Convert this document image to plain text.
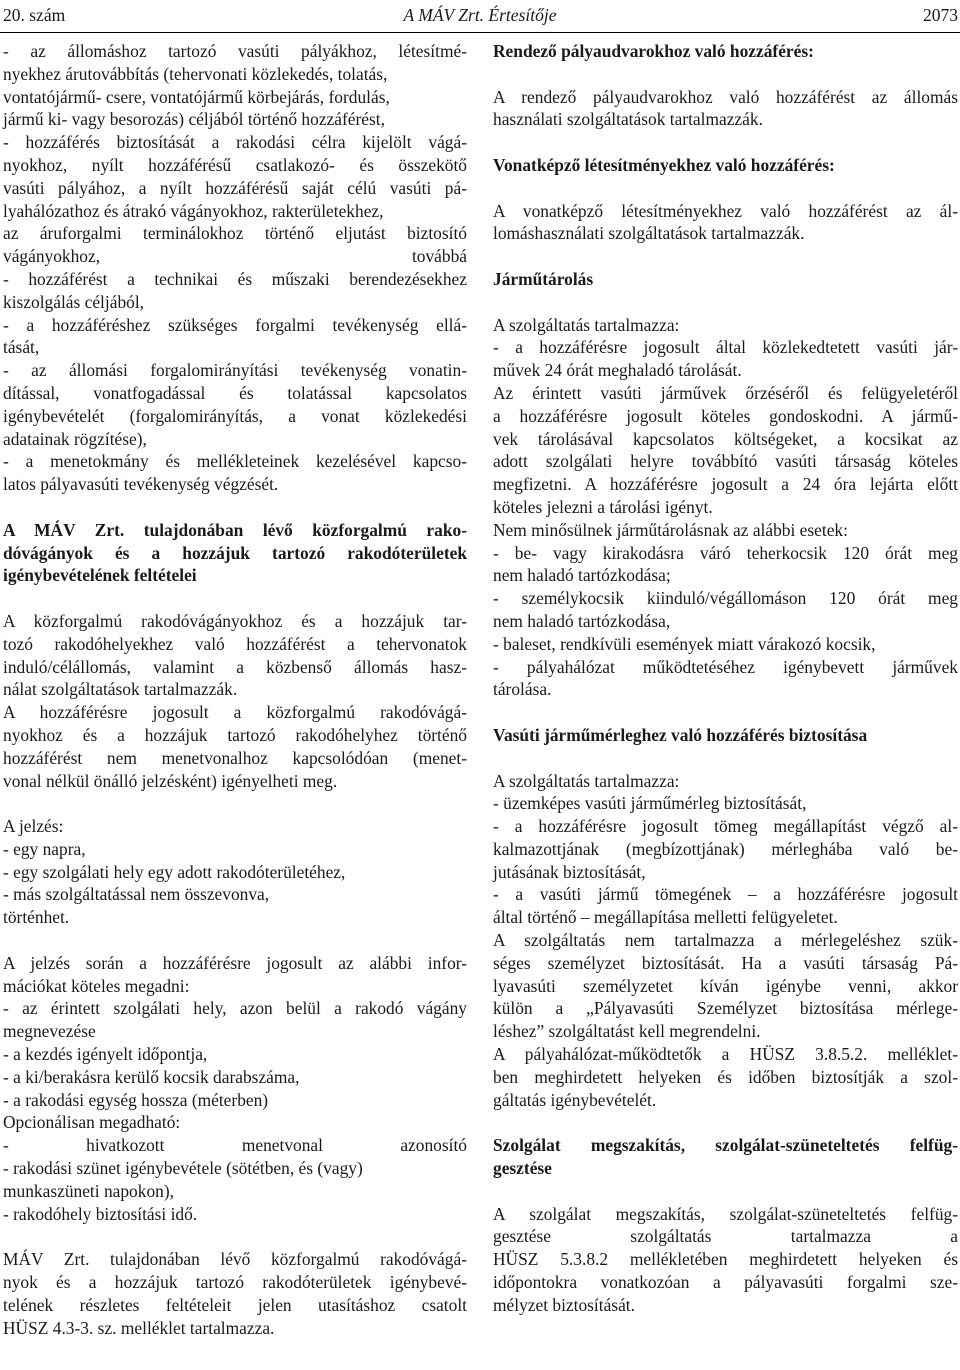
20. szám	A MÁV Zrt. Értesítője	2073
- az állomáshoz tartozó vasúti pályákhoz, létesítmé-
nyekhez árutovábbítás (tehervonati közlekedés, tolatás,
vontatójármű- csere, vontatójármű körbejárás, fordulás,
jármű ki- vagy besorozás) céljából történő hozzáférést,
- hozzáférés biztosítását a rakodási célra kijelölt vágá-
nyokhoz, nyílt hozzáférésű csatlakozó- és összekötő
vasúti pályához, a nyílt hozzáférésű saját célú vasúti pá-
lyahálózathoz és átrakó vágányokhoz, rakterületekhez,
az áruforgalmi terminálokhoz történő eljutást biztosító
vágányokhoz, továbbá
- hozzáférést a technikai és műszaki berendezésekhez
kiszolgálás céljából,
- a hozzáféréshez szükséges forgalmi tevékenység ellá-
tását,
- az állomási forgalomirányítási tevékenység vonatin-
dítással, vonatfogadással és tolatással kapcsolatos
igénybevételét (forgalomirányítás, a vonat közlekedési
adatainak rögzítése),
- a menetokmány és mellékleteinek kezelésével kapcso-
latos pályavasúti tevékenység végzését.
A MÁV Zrt. tulajdonában lévő közforgalmú rako-
dóvágányok és a hozzájuk tartozó rakodóterületek
igénybevételének feltételei
A közforgalmú rakodóvágányokhoz és a hozzájuk tar-
tozó rakodóhelyekhez való hozzáférést a tehervonatok
induló/célállomás, valamint a közbenső állomás hasz-
nálat szolgáltatások tartalmazzák.
A hozzáférésre jogosult a közforgalmú rakodóvágá-
nyokhoz és a hozzájuk tartozó rakodóhelyhez történő
hozzáférést nem menetvonalhoz kapcsolódóan (menet-
vonal nélkül önálló jelzésként) igényelheti meg.
A jelzés:
- egy napra,
- egy szolgálati hely egy adott rakodóterületéhez,
- más szolgáltatással nem összevonva,
történhet.
A jelzés során a hozzáférésre jogosult az alábbi infor-
mációkat köteles megadni:
- az érintett szolgálati hely, azon belül a rakodó vágány
megnevezése
- a kezdés igényelt időpontja,
- a ki/berakásra kerülő kocsik darabszáma,
- a rakodási egység hossza (méterben)
Opcionálisan megadható:
- hivatkozott menetvonal azonosító
- rakodási szünet igénybevétele (sötétben, és (vagy)
munkaszüneti napokon),
- rakodóhely biztosítási idő.
MÁV Zrt. tulajdonában lévő közforgalmú rakodóvágá-
nyok és a hozzájuk tartozó rakodóterületek igénybevé-
telének részletes feltételeit jelen utasításhoz csatolt
HÜSZ 4.3-3. sz. melléklet tartalmazza.
Rendező pályaudvarokhoz való hozzáférés:
A rendező pályaudvarokhoz való hozzáférést az állomás
használati szolgáltatások tartalmazzák.
Vonatképző létesítményekhez való hozzáférés:
A vonatképző létesítményekhez való hozzáférést az ál-
lomáshasználati szolgáltatások tartalmazzák.
Járműtárolás
A szolgáltatás tartalmazza:
- a hozzáférésre jogosult által közlekedtetett vasúti jár-
művek 24 órát meghaladó tárolását.
Az érintett vasúti járművek őrzéséről és felügyeletéről
a hozzáférésre jogosult köteles gondoskodni. A jármű-
vek tárolásával kapcsolatos költségeket, a kocsikat az
adott szolgálati helyre továbbító vasúti társaság köteles
megfizetni. A hozzáférésre jogosult a 24 óra lejárta előtt
köteles jelezni a tárolási igényt.
Nem minősülnek járműtárolásnak az alábbi esetek:
- be- vagy kirakodásra váró teherkocsik 120 órát meg
nem haladó tartózkodása;
- személykocsik kiinduló/végállomáson 120 órát meg
nem haladó tartózkodása,
- baleset, rendkívüli események miatt várakozó kocsik,
- pályahálózat működtetéséhez igénybevett járművek
tárolása.
Vasúti járműmérleghez való hozzáférés biztosítása
A szolgáltatás tartalmazza:
- üzemképes vasúti járműmérleg biztosítását,
- a hozzáférésre jogosult tömeg megállapítást végző al-
kalmazottjának (megbízottjának) mérleghába való be-
jutásának biztosítását,
- a vasúti jármű tömegének – a hozzáférésre jogosult
által történő – megállapítása melletti felügyeletet.
A szolgáltatás nem tartalmazza a mérlegeléshez szük-
séges személyzet biztosítását. Ha a vasúti társaság Pá-
lyavasúti személyzetet kíván igénybe venni, akkor
külön a „Pályavasúti Személyzet biztosítása mérlege-
léshez” szolgáltatást kell megrendelni.
A pályahálózat-működtetők a HÜSZ 3.8.5.2. melléklet-
ben meghirdetett helyeken és időben biztosítják a szol-
gáltatás igénybevételét.
Szolgálat megszakítás, szolgálat-szüneteltetés felfüg-
gesztése
A szolgálat megszakítás, szolgálat-szüneteltetés felfüg-
gesztése szolgáltatás tartalmazza a
HÜSZ 5.3.8.2 mellékletében meghirdetett helyeken és
időpontokra vonatkozóan a pályavasúti forgalmi sze-
mélyzet biztosítását.
